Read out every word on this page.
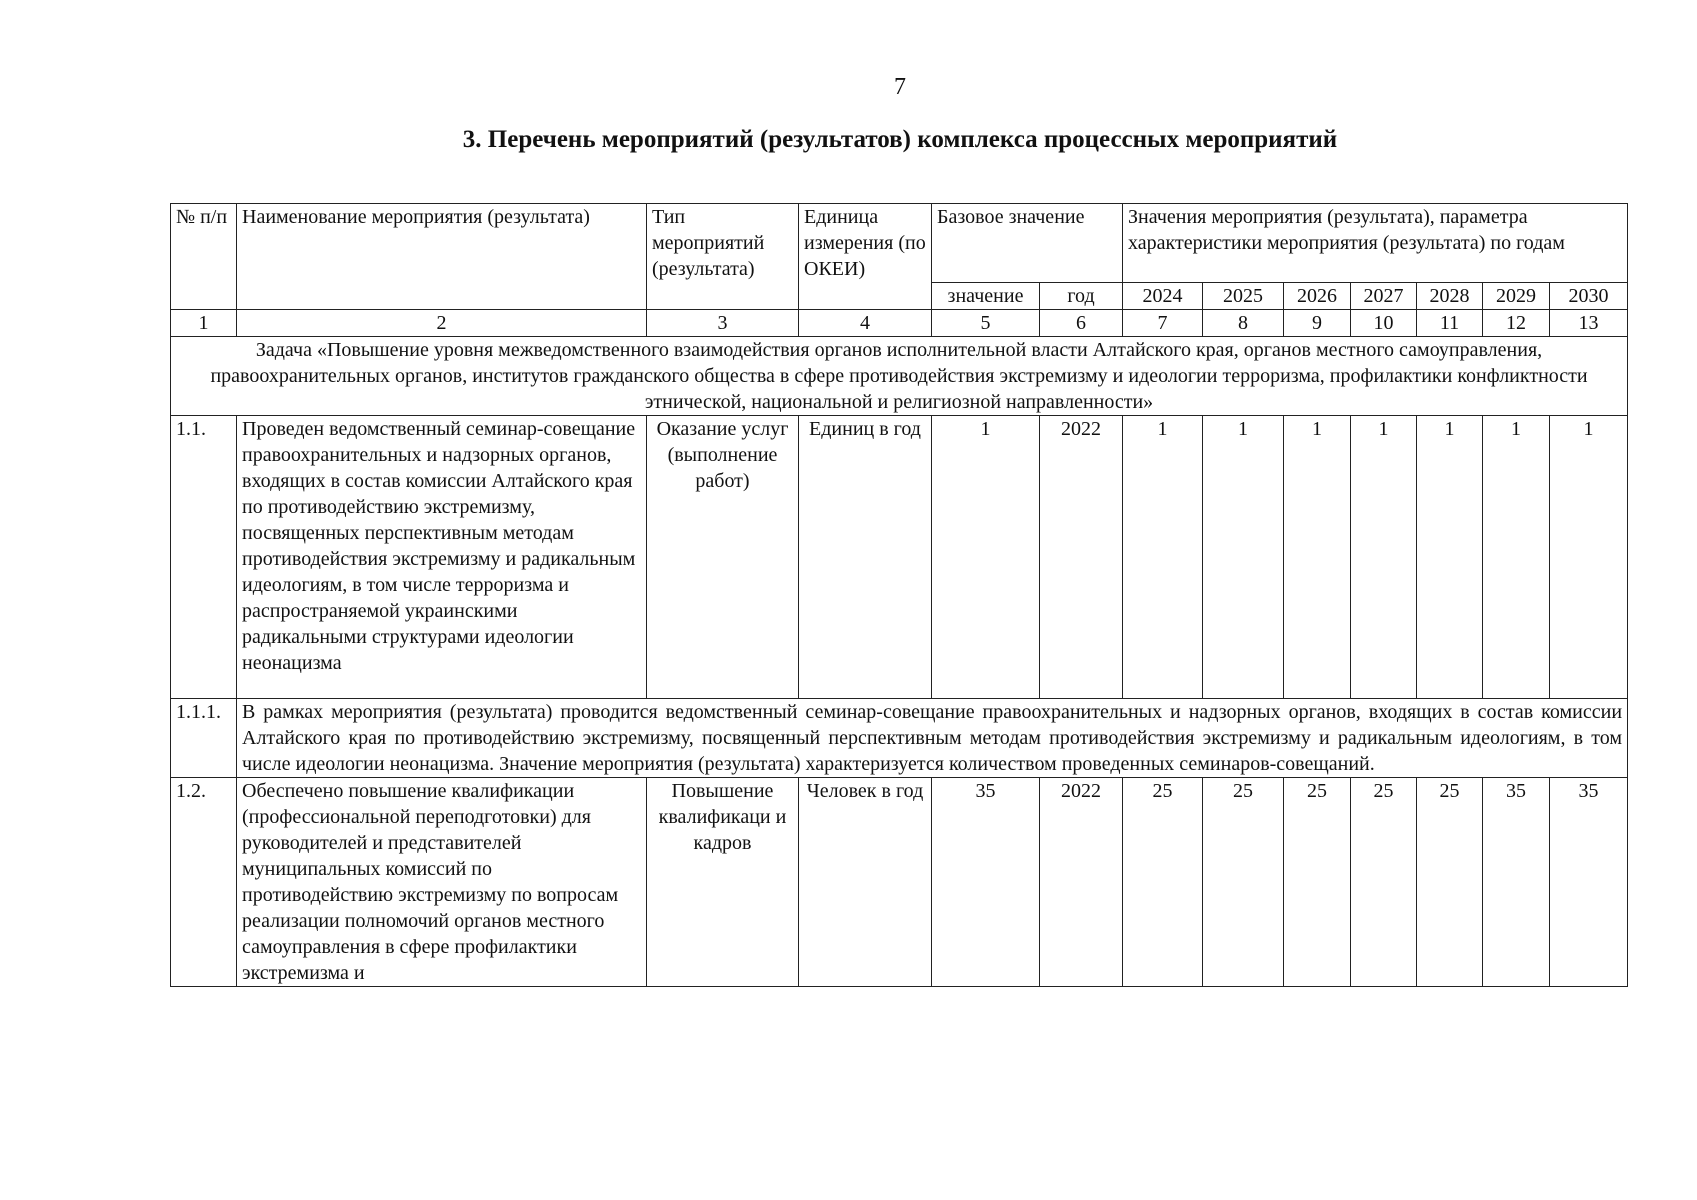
7
3. Перечень мероприятий (результатов) комплекса процессных мероприятий
№ п/п	Наименование мероприятия (результата)	Тип мероприятий (результата)	Единица измерения (по ОКЕИ)	Базовое значение		Значения мероприятия (результата), параметра характеристики мероприятия (результата) по годам						
				значение	год	2024	2025	2026	2027	2028	2029	2030
1	2	3	4	5	6	7	8	9	10	11	12	13
Задача «Повышение уровня межведомственного взаимодействия органов исполнительной власти Алтайского края, органов местного самоуправления, правоохранительных органов, институтов гражданского общества в сфере противодействия экстремизму и идеологии терроризма, профилактики конфликтности этнической, национальной и религиозной направленности»												
1.1.	Проведен ведомственный семинар-совещание правоохранительных и надзорных органов, входящих в состав комиссии Алтайского края по противодействию экстремизму, посвященных перспективным методам противодействия экстремизму и радикальным идеологиям, в том числе терроризма и распространяемой украинскими радикальными структурами идеологии неонацизма	Оказание услуг (выполнение работ)	Единиц в год	1	2022	1	1	1	1	1	1	1
1.1.1.	В рамках мероприятия (результата) проводится ведомственный семинар-совещание правоохранительных и надзорных органов, входящих в состав комиссии Алтайского края по противодействию экстремизму, посвященный перспективным методам противодействия экстремизму и радикальным идеологиям, в том числе идеологии неонацизма. Значение мероприятия (результата) характеризуется количеством проведенных семинаров-совещаний.											
1.2.	Обеспечено повышение квалификации (профессиональной переподготовки) для руководителей и представителей муниципальных комиссий по противодействию экстремизму по вопросам реализации полномочий органов местного самоуправления в сфере профилактики экстремизма и	Повышение квалификаци и кадров	Человек в год	35	2022	25	25	25	25	25	35	35
